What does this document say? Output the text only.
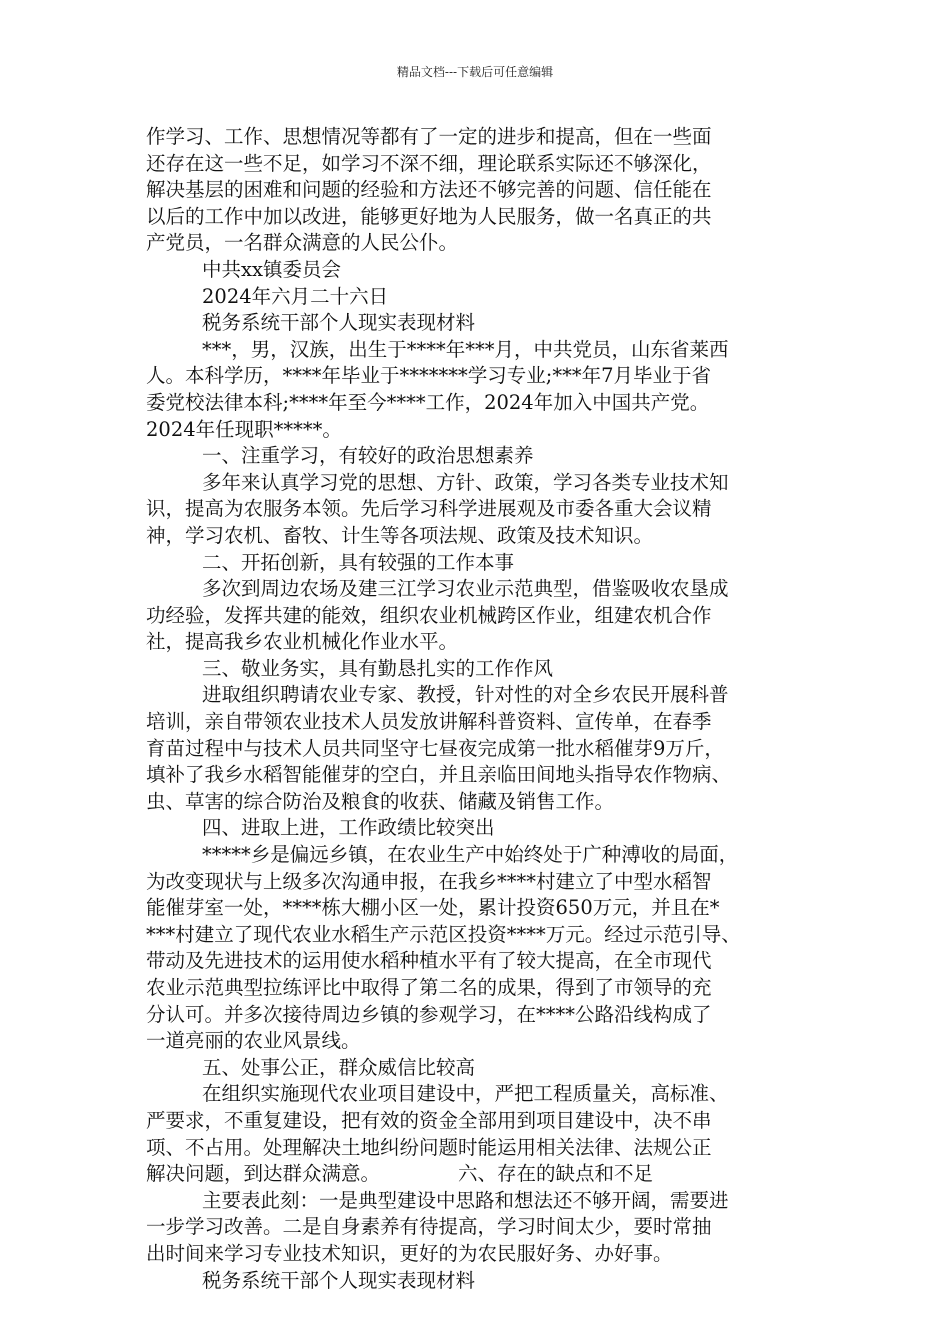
精品文档---下载后可任意编辑
作学习、工作、思想情况等都有了一定的进步和提高，但在一些面
还存在这一些不足，如学习不深不细，理论联系实际还不够深化，
解决基层的困难和问题的经验和方法还不够完善的问题、信任能在
以后的工作中加以改进，能够更好地为人民服务，做一名真正的共
产党员，一名群众满意的人民公仆。
中共xx镇委员会
2024年六月二十六日
税务系统干部个人现实表现材料
***，男，汉族，出生于****年***月，中共党员，山东省莱西
人。本科学历，****年毕业于*******学习专业;***年7月毕业于省
委党校法律本科;****年至今****工作，2024年加入中国共产党。
2024年任现职*****。
一、注重学习，有较好的政治思想素养
多年来认真学习党的思想、方针、政策，学习各类专业技术知
识，提高为农服务本领。先后学习科学进展观及市委各重大会议精
神，学习农机、畜牧、计生等各项法规、政策及技术知识。
二、开拓创新，具有较强的工作本事
多次到周边农场及建三江学习农业示范典型，借鉴吸收农垦成
功经验，发挥共建的能效，组织农业机械跨区作业，组建农机合作
社，提高我乡农业机械化作业水平。
三、敬业务实，具有勤恳扎实的工作作风
进取组织聘请农业专家、教授，针对性的对全乡农民开展科普
培训，亲自带领农业技术人员发放讲解科普资料、宣传单，在春季
育苗过程中与技术人员共同坚守七昼夜完成第一批水稻催芽9万斤，
填补了我乡水稻智能催芽的空白，并且亲临田间地头指导农作物病、
虫、草害的综合防治及粮食的收获、储藏及销售工作。
四、进取上进，工作政绩比较突出
*****乡是偏远乡镇，在农业生产中始终处于广种溥收的局面，
为改变现状与上级多次沟通申报，在我乡****村建立了中型水稻智
能催芽室一处，****栋大棚小区一处，累计投资650万元，并且在*
***村建立了现代农业水稻生产示范区投资****万元。经过示范引导、
带动及先进技术的运用使水稻种植水平有了较大提高，在全市现代
农业示范典型拉练评比中取得了第二名的成果，得到了市领导的充
分认可。并多次接待周边乡镇的参观学习，在****公路沿线构成了
一道亮丽的农业风景线。
五、处事公正，群众威信比较高
在组织实施现代农业项目建设中，严把工程质量关，高标准、
严要求，不重复建设，把有效的资金全部用到项目建设中，决不串
项、不占用。处理解决土地纠纷问题时能运用相关法律、法规公正
解决问题，到达群众满意。	六、存在的缺点和不足
主要表此刻：一是典型建设中思路和想法还不够开阔，需要进
一步学习改善。二是自身素养有待提高，学习时间太少，要时常抽
出时间来学习专业技术知识，更好的为农民服好务、办好事。
税务系统干部个人现实表现材料
